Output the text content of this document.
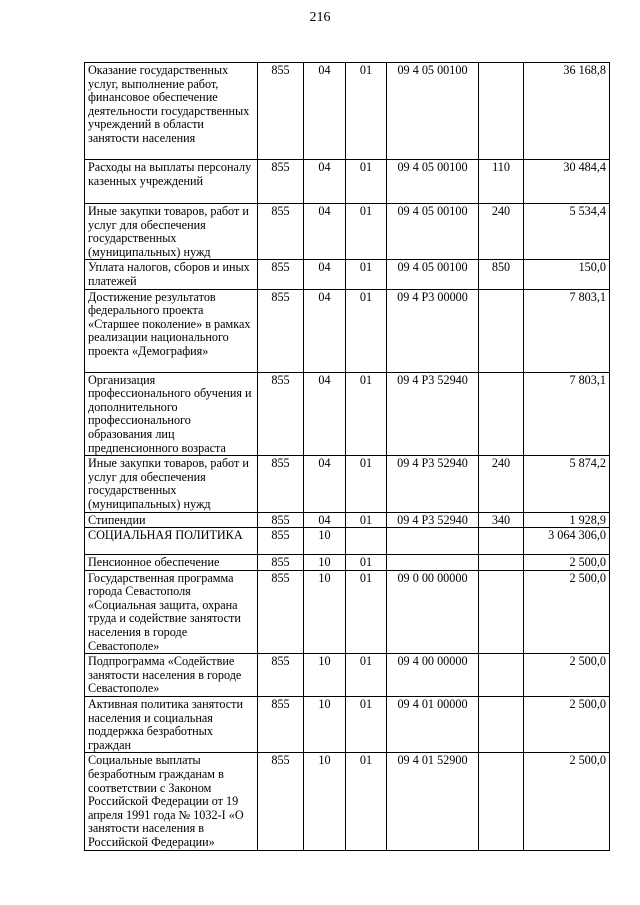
216
Оказание государственных услуг, выполнение работ, финансовое обеспечение деятельности государственных учреждений в области занятости населения	855	04	01	09 4 05 00100		36 168,8
Расходы на выплаты персоналу казенных учреждений	855	04	01	09 4 05 00100	110	30 484,4
Иные закупки товаров, работ и услуг для обеспечения государственных (муниципальных) нужд	855	04	01	09 4 05 00100	240	5 534,4
Уплата налогов, сборов и иных платежей	855	04	01	09 4 05 00100	850	150,0
Достижение результатов федерального проекта «Старшее поколение» в рамках реализации национального проекта «Демография»	855	04	01	09 4 P3 00000		7 803,1
Организация профессионального обучения и дополнительного профессионального образования лиц предпенсионного возраста	855	04	01	09 4 P3 52940		7 803,1
Иные закупки товаров, работ и услуг для обеспечения государственных (муниципальных) нужд	855	04	01	09 4 P3 52940	240	5 874,2
Стипендии	855	04	01	09 4 P3 52940	340	1 928,9
СОЦИАЛЬНАЯ ПОЛИТИКА	855	10				3 064 306,0
Пенсионное обеспечение	855	10	01			2 500,0
Государственная программа города Севастополя «Социальная защита, охрана труда и содействие занятости населения в городе Севастополе»	855	10	01	09 0 00 00000		2 500,0
Подпрограмма «Содействие занятости населения в городе Севастополе»	855	10	01	09 4 00 00000		2 500,0
Активная политика занятости населения и социальная поддержка безработных граждан	855	10	01	09 4 01 00000		2 500,0
Социальные выплаты безработным гражданам в соответствии с Законом Российской Федерации от 19 апреля 1991 года № 1032-I «О занятости населения в Российской Федерации»	855	10	01	09 4 01 52900		2 500,0
